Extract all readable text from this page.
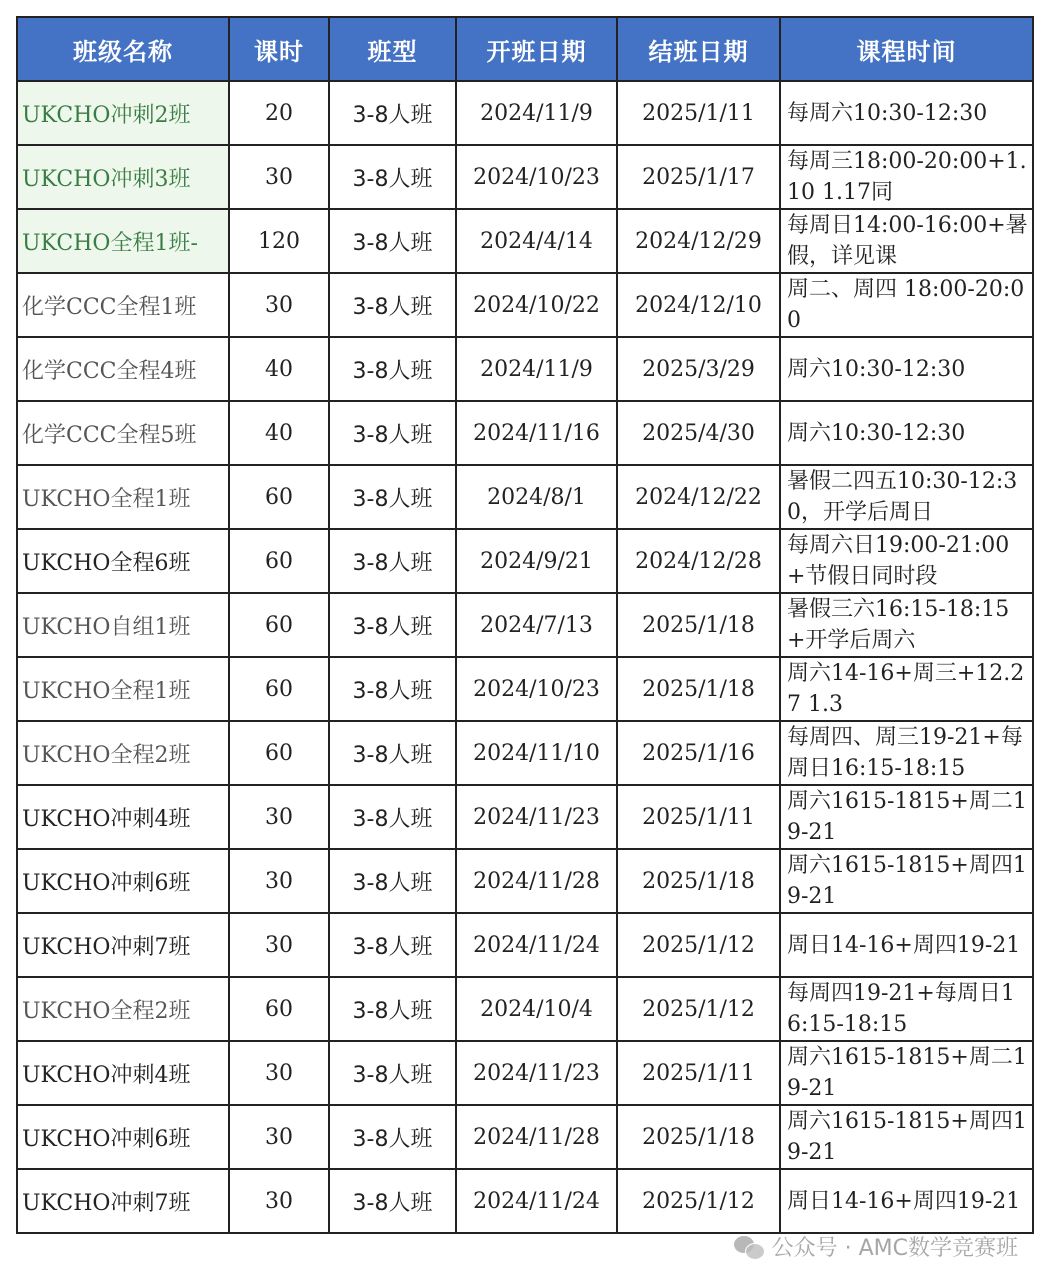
班级名称	课时	班型	开班日期	结班日期	课程时间
UKCHO冲刺2班	20	3-8人班	2024/11/9	2025/1/11	每周六10:30-12:30

UKCHO冲刺3班	30	3-8人班	2024/10/23	2025/1/17	每周三18:00-20:00+1.10 1.17同

UKCHO全程1班-	120	3-8人班	2024/4/14	2024/12/29	每周日14:00-16:00+暑假，详见课

化学CCC全程1班	30	3-8人班	2024/10/22	2024/12/10	周二、周四 18:00-20:00

化学CCC全程4班	40	3-8人班	2024/11/9	2025/3/29	周六10:30-12:30

化学CCC全程5班	40	3-8人班	2024/11/16	2025/4/30	周六10:30-12:30

UKCHO全程1班	60	3-8人班	2024/8/1	2024/12/22	暑假二四五10:30-12:30，开学后周日

UKCHO全程6班	60	3-8人班	2024/9/21	2024/12/28	每周六日19:00-21:00+节假日同时段

UKCHO自组1班	60	3-8人班	2024/7/13	2025/1/18	暑假三六16:15-18:15+开学后周六

UKCHO全程1班	60	3-8人班	2024/10/23	2025/1/18	周六14-16+周三+12.27 1.3

UKCHO全程2班	60	3-8人班	2024/11/10	2025/1/16	每周四、周三19-21+每周日16:15-18:15

UKCHO冲刺4班	30	3-8人班	2024/11/23	2025/1/11	周六1615-1815+周二19-21

UKCHO冲刺6班	30	3-8人班	2024/11/28	2025/1/18	周六1615-1815+周四19-21

UKCHO冲刺7班	30	3-8人班	2024/11/24	2025/1/12	周日14-16+周四19-21

UKCHO全程2班	60	3-8人班	2024/10/4	2025/1/12	每周四19-21+每周日16:15-18:15

UKCHO冲刺4班	30	3-8人班	2024/11/23	2025/1/11	周六1615-1815+周二19-21

UKCHO冲刺6班	30	3-8人班	2024/11/28	2025/1/18	周六1615-1815+周四19-21

UKCHO冲刺7班	30	3-8人班	2024/11/24	2025/1/12	周日14-16+周四19-21
公众号 · AMC数学竞赛班
